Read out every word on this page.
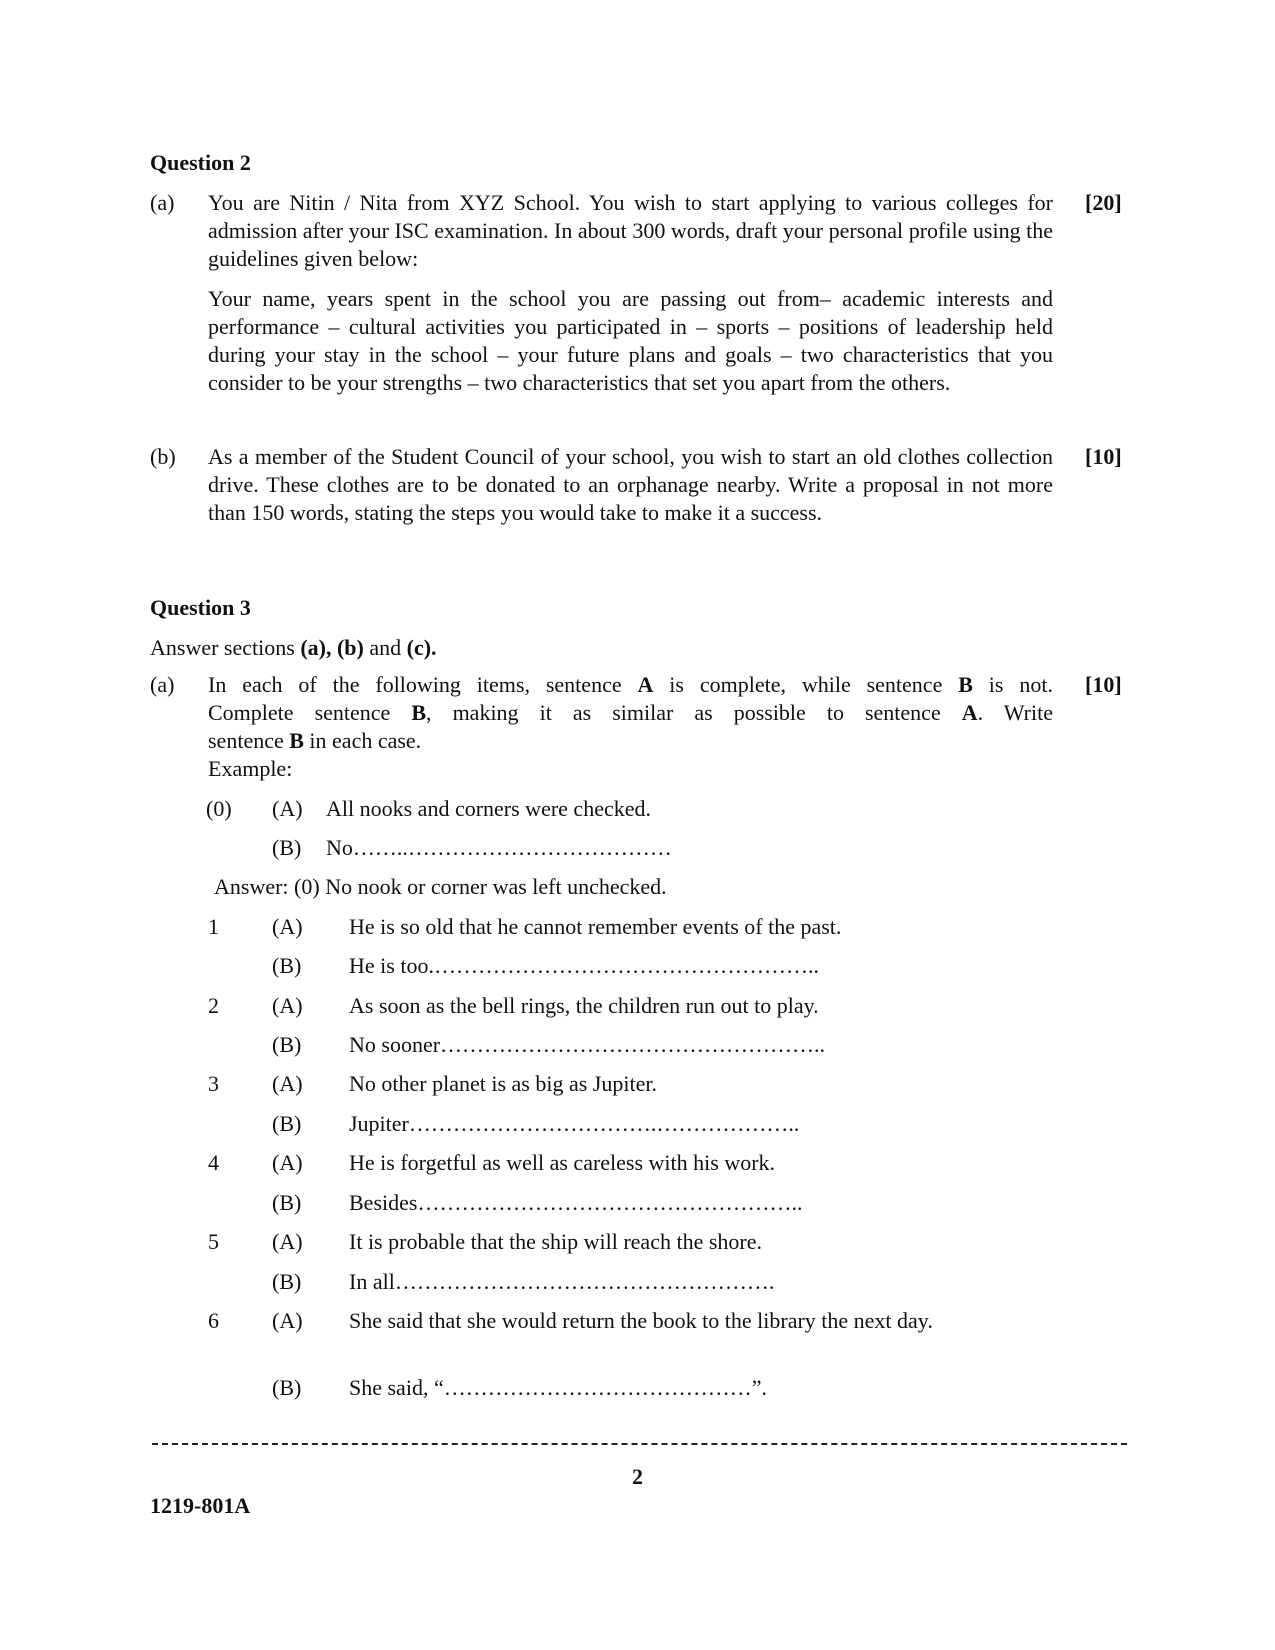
Question 2
(a)	[20]

You are Nitin / Nita from XYZ School. You wish to start applying to various colleges for admission after your ISC examination. In about 300 words, draft your personal profile using the guidelines given below:

Your name, years spent in the school you are passing out from– academic interests and performance – cultural activities you participated in – sports – positions of leadership held during your stay in the school – your future plans and goals – two characteristics that you consider to be your strengths – two characteristics that set you apart from the others.

(b)	[10]

As a member of the Student Council of your school, you wish to start an old clothes collection drive. These clothes are to be donated to an orphanage nearby. Write a proposal in not more than 150 words, stating the steps you would take to make it a success.

Question 3
Answer sections (a), (b) and (c).
(a)	[10]
In each of the following items, sentence A is complete, while sentence B is not.
Complete sentence B, making it as similar as possible to sentence A. Write
sentence B in each case.
Example:
(0) (A) All nooks and corners were checked.
(B) No……..………………………………
Answer: (0) No nook or corner was left unchecked.
1 (A) He is so old that he cannot remember events of the past.
(B) He is too.……………………………………………..
2 (A) As soon as the bell rings, the children run out to play.
(B) No sooner……………………………………………..
3 (A) No other planet is as big as Jupiter.
(B) Jupiter…………………………….………………..
4 (A) He is forgetful as well as careless with his work.
(B) Besides……………………………………………..
5 (A) It is probable that the ship will reach the shore.
(B) In all…………………………………………….
6 (A) She said that she would return the book to the library the next day.
(B) She said, “……………………………………”.
2
1219-801A
